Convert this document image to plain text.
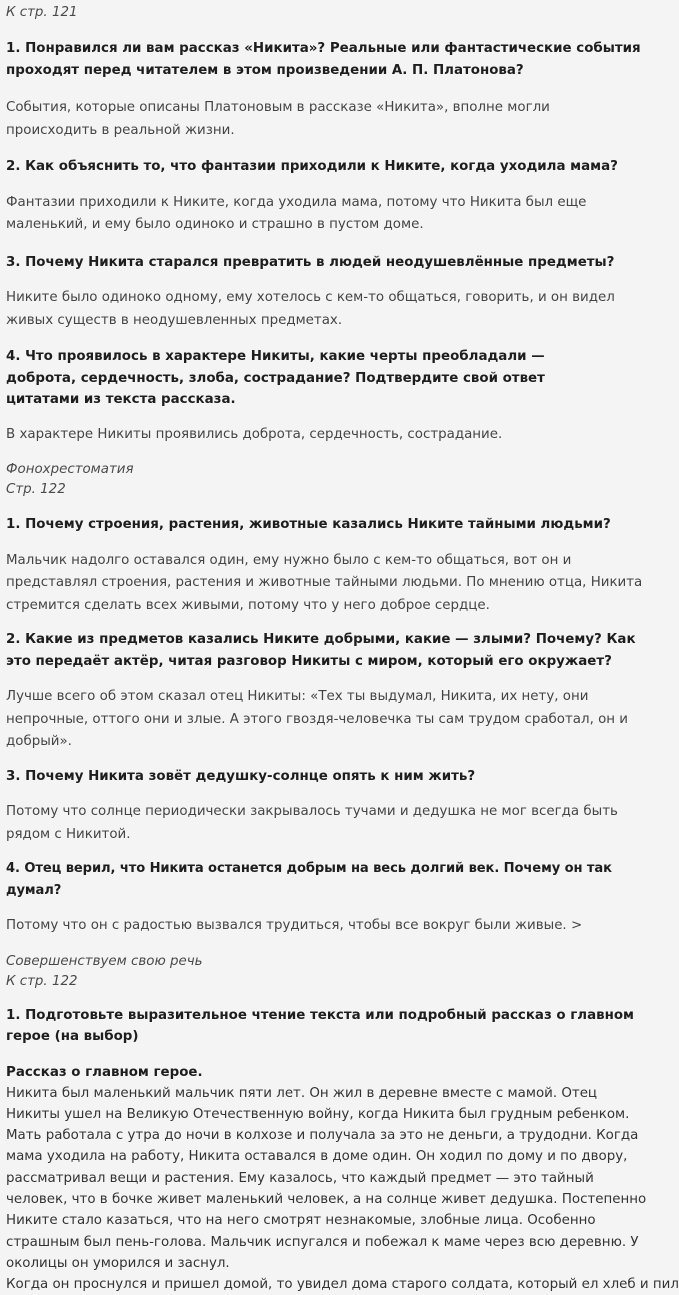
К стр. 121

1. Понравился ли вам рассказ «Никита»? Реальные или фантастические события проходят перед читателем в этом произведении А. П. Платонова?

События, которые описаны Платоновым в рассказе «Никита», вполне могли происходить в реальной жизни.

2. Как объяснить то, что фантазии приходили к Никите, когда уходила мама?

Фантазии приходили к Никите, когда уходила мама, потому что Никита был еще маленький, и ему было одиноко и страшно в пустом доме.

3. Почему Никита старался превратить в людей неодушевлённые предметы?

Никите было одиноко одному, ему хотелось с кем-то общаться, говорить, и он видел живых существ в неодушевленных предметах.

4. Что проявилось в характере Никиты, какие черты преобладали — доброта, сердечность, злоба, сострадание? Подтвердите свой ответ цитатами из текста рассказа.

В характере Никиты проявились доброта, сердечность, сострадание.

Фонохрестоматия

Стр. 122

1. Почему строения, растения, животные казались Никите тайными людьми?

Мальчик надолго оставался один, ему нужно было с кем-то общаться, вот он и представлял строения, растения и животные тайными людьми. По мнению отца, Никита стремится сделать всех живыми, потому что у него доброе сердце.

2. Какие из предметов казались Никите добрыми, какие — злыми? Почему? Как это передаёт актёр, читая разговор Никиты с миром, который его окружает?

Лучше всего об этом сказал отец Никиты: «Тех ты выдумал, Никита, их нету, они непрочные, оттого они и злые. А этого гвоздя-человечка ты сам трудом сработал, он и добрый».

3. Почему Никита зовёт дедушку-солнце опять к ним жить?

Потому что солнце периодически закрывалось тучами и дедушка не мог всегда быть рядом с Никитой.

4. Отец верил, что Никита останется добрым на весь долгий век. Почему он так думал?

Потому что он с радостью вызвался трудиться, чтобы все вокруг были живые. >

Совершенствуем свою речь

К стр. 122

1. Подготовьте выразительное чтение текста или подробный рассказ о главном герое (на выбор)

Рассказ о главном герое.

Никита был маленький мальчик пяти лет. Он жил в деревне вместе с мамой. Отец Никиты ушел на Великую Отечественную войну, когда Никита был грудным ребенком. Мать работала с утра до ночи в колхозе и получала за это не деньги, а трудодни. Когда мама уходила на работу, Никита оставался в доме один. Он ходил по дому и по двору, рассматривал вещи и растения. Ему казалось, что каждый предмет — это тайный человек, что в бочке живет маленький человек, а на солнце живет дедушка. Постепенно Никите стало казаться, что на него смотрят незнакомые, злобные лица. Особенно страшным был пень-голова. Мальчик испугался и побежал к маме через всю деревню. У околицы он уморился и заснул.

Когда он проснулся и пришел домой, то увидел дома старого солдата, который ел хлеб и пил
